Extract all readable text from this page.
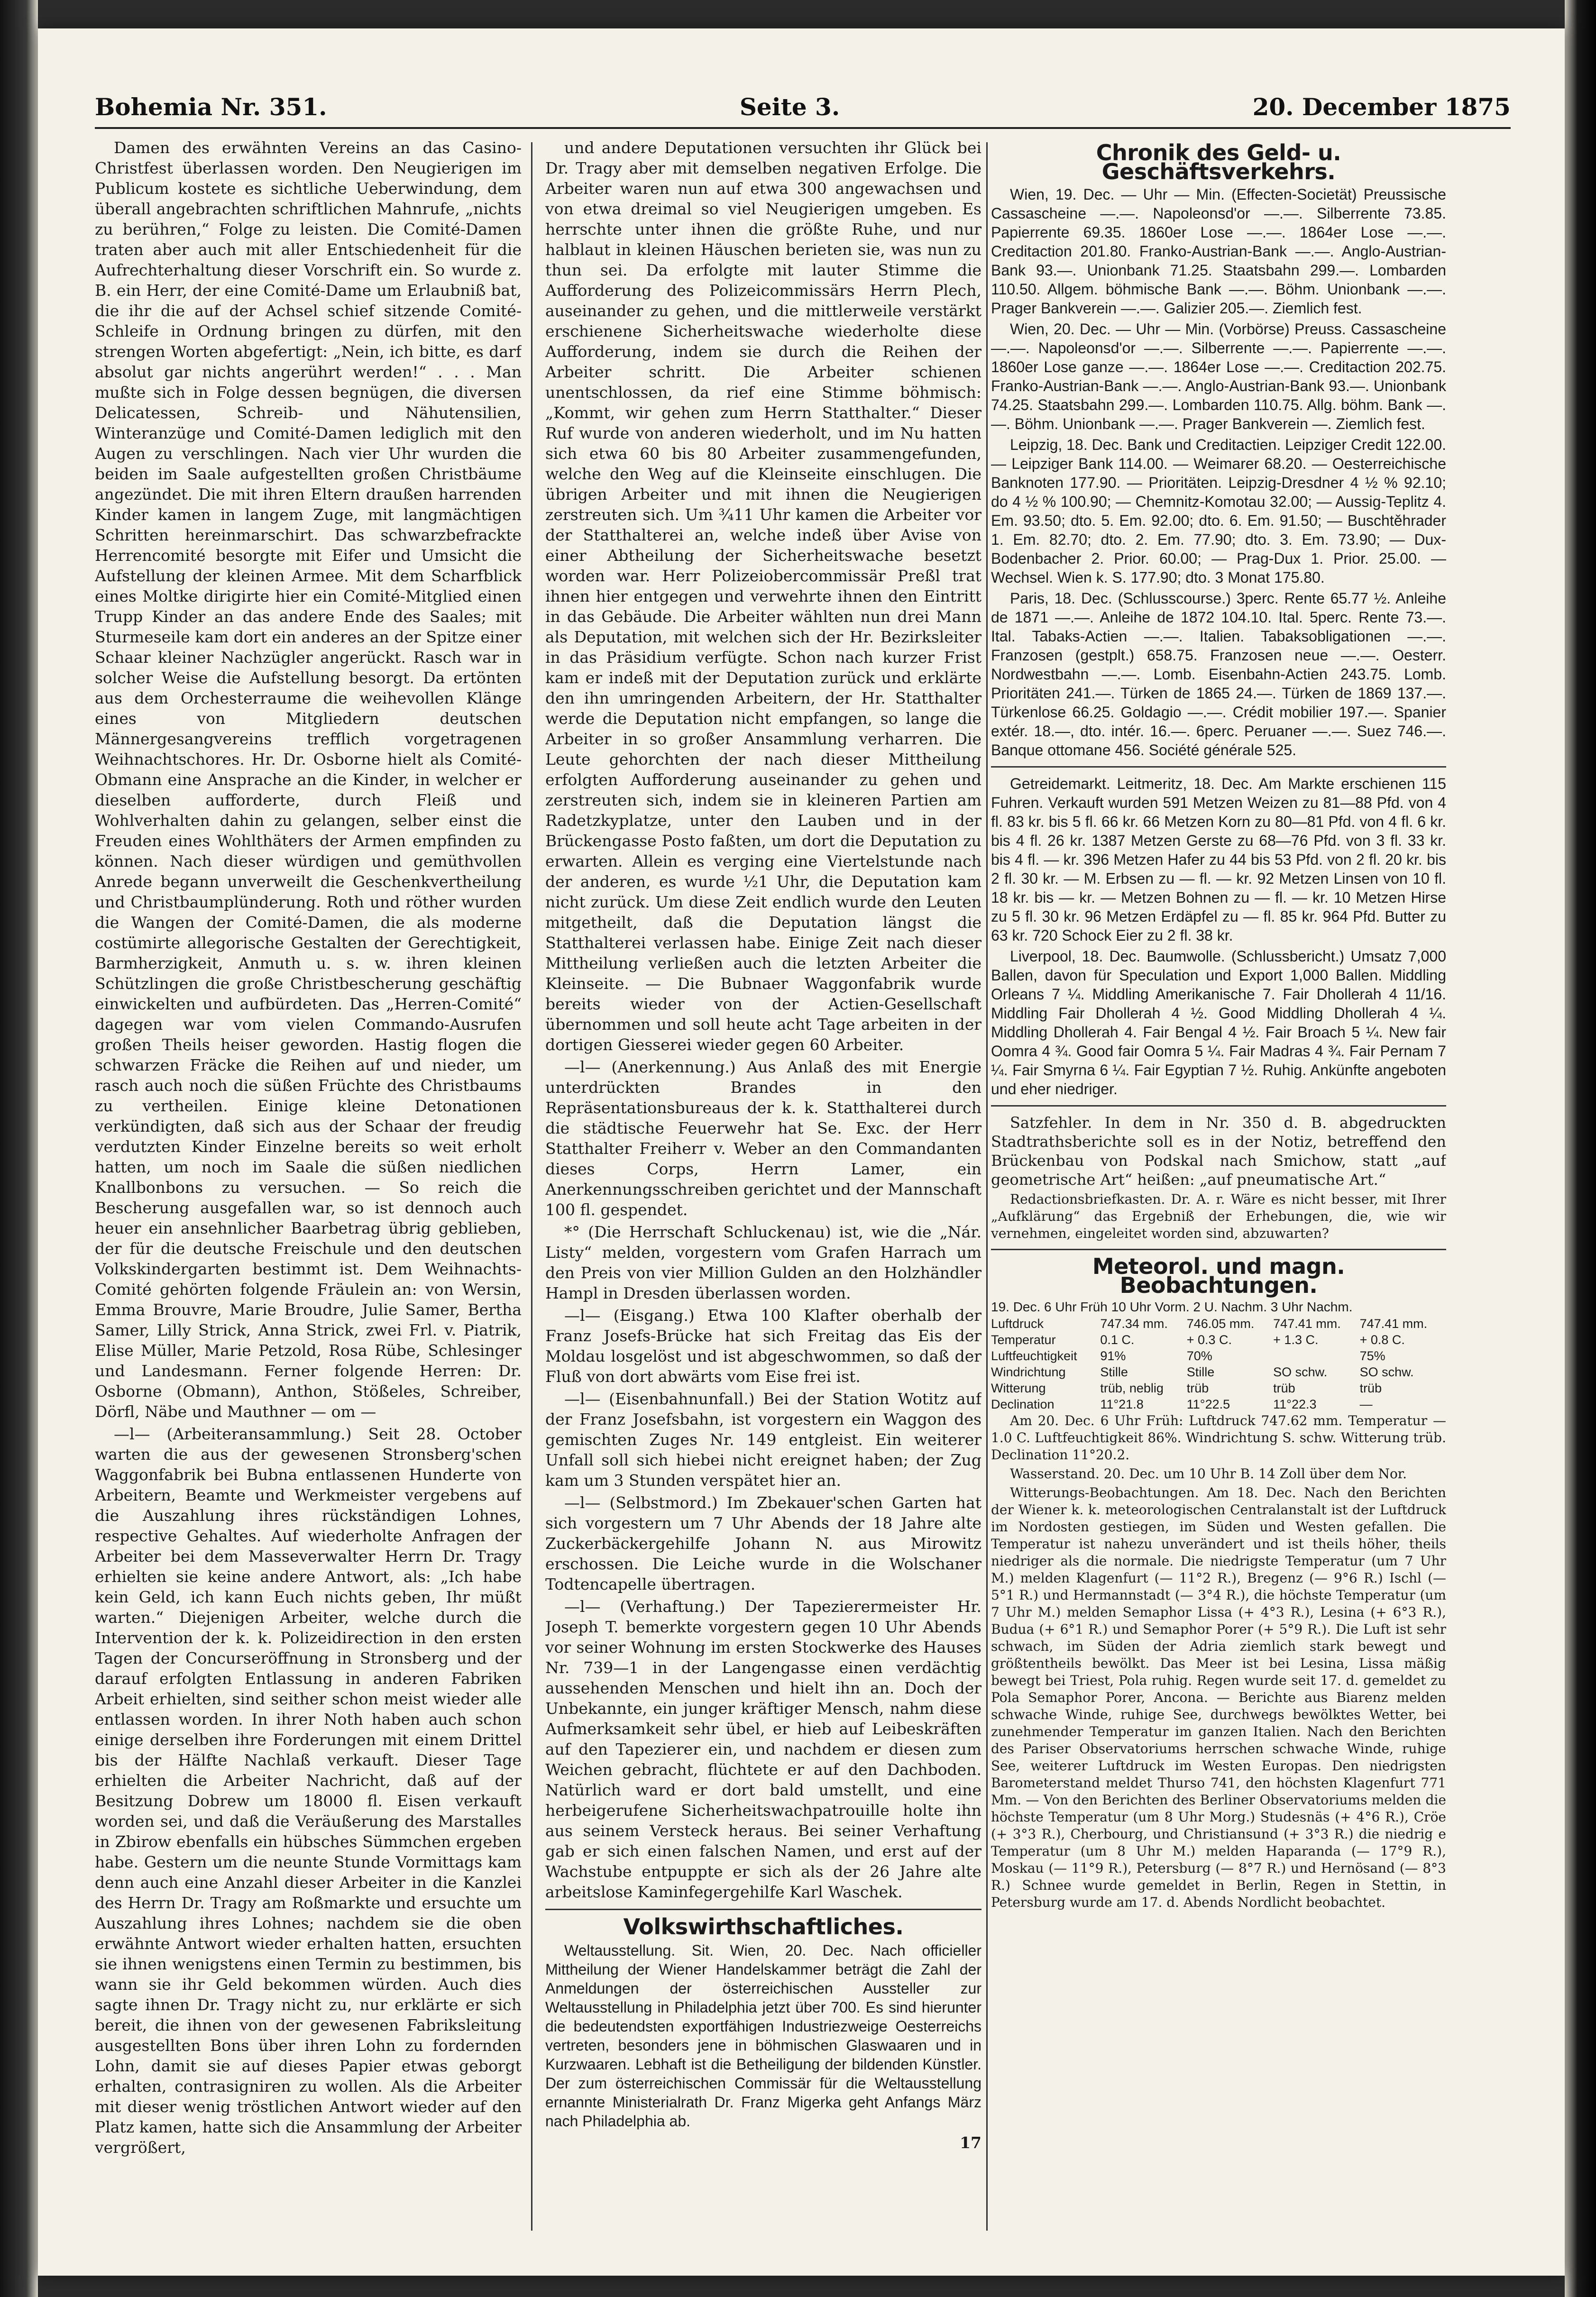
Bohemia Nr. 351.	Seite 3.	20. December 1875

Damen des erwähnten Vereins an das Casino-Christfest überlassen worden. Den Neugierigen im Publicum kostete es sichtliche Ueberwindung, dem überall angebrachten schriftlichen Mahnrufe, „nichts zu berühren,“ Folge zu leisten. Die Comité-Damen traten aber auch mit aller Entschiedenheit für die Aufrechterhaltung dieser Vorschrift ein. So wurde z. B. ein Herr, der eine Comité-Dame um Erlaubniß bat, die ihr die auf der Achsel schief sitzende Comité-Schleife in Ordnung bringen zu dürfen, mit den strengen Worten abgefertigt: „Nein, ich bitte, es darf absolut gar nichts angerührt werden!“ . . . Man mußte sich in Folge dessen begnügen, die diversen Delicatessen, Schreib- und Nähutensilien, Winteranzüge und Comité-Damen lediglich mit den Augen zu verschlingen. Nach vier Uhr wurden die beiden im Saale aufgestellten großen Christbäume angezündet. Die mit ihren Eltern draußen harrenden Kinder kamen in langem Zuge, mit langmächtigen Schritten hereinmarschirt. Das schwarzbefrackte Herrencomité besorgte mit Eifer und Umsicht die Aufstellung der kleinen Armee. Mit dem Scharfblick eines Moltke dirigirte hier ein Comité-Mitglied einen Trupp Kinder an das andere Ende des Saales; mit Sturmeseile kam dort ein anderes an der Spitze einer Schaar kleiner Nachzügler angerückt. Rasch war in solcher Weise die Aufstellung besorgt. Da ertönten aus dem Orchesterraume die weihevollen Klänge eines von Mitgliedern deutschen Männergesangvereins trefflich vorgetragenen Weihnachtschores. Hr. Dr. Osborne hielt als Comité-Obmann eine Ansprache an die Kinder, in welcher er dieselben aufforderte, durch Fleiß und Wohlverhalten dahin zu gelangen, selber einst die Freuden eines Wohlthäters der Armen empfinden zu können. Nach dieser würdigen und gemüthvollen Anrede begann unverweilt die Geschenkvertheilung und Christbaumplünderung. Roth und röther wurden die Wangen der Comité-Damen, die als moderne costümirte allegorische Gestalten der Gerechtigkeit, Barmherzigkeit, Anmuth u. s. w. ihren kleinen Schützlingen die große Christbescherung geschäftig einwickelten und aufbürdeten. Das „Herren-Comité“ dagegen war vom vielen Commando-Ausrufen großen Theils heiser geworden. Hastig flogen die schwarzen Fräcke die Reihen auf und nieder, um rasch auch noch die süßen Früchte des Christbaums zu vertheilen. Einige kleine Detonationen verkündigten, daß sich aus der Schaar der freudig verdutzten Kinder Einzelne bereits so weit erholt hatten, um noch im Saale die süßen niedlichen Knallbonbons zu versuchen. — So reich die Bescherung ausgefallen war, so ist dennoch auch heuer ein ansehnlicher Baarbetrag übrig geblieben, der für die deutsche Freischule und den deutschen Volkskindergarten bestimmt ist. Dem Weihnachts-Comité gehörten folgende Fräulein an: von Wersin, Emma Brouvre, Marie Broudre, Julie Samer, Bertha Samer, Lilly Strick, Anna Strick, zwei Frl. v. Piatrik, Elise Müller, Marie Petzold, Rosa Rübe, Schlesinger und Landesmann. Ferner folgende Herren: Dr. Osborne (Obmann), Anthon, Stößeles, Schreiber, Dörfl, Näbe und Mauthner — om —

—l— (Arbeiteransammlung.) Seit 28. October warten die aus der gewesenen Stronsberg'schen Waggonfabrik bei Bubna entlassenen Hunderte von Arbeitern, Beamte und Werkmeister vergebens auf die Auszahlung ihres rückständigen Lohnes, respective Gehaltes. Auf wiederholte Anfragen der Arbeiter bei dem Masseverwalter Herrn Dr. Tragy erhielten sie keine andere Antwort, als: „Ich habe kein Geld, ich kann Euch nichts geben, Ihr müßt warten.“ Diejenigen Arbeiter, welche durch die Intervention der k. k. Polizeidirection in den ersten Tagen der Concurseröffnung in Stronsberg und der darauf erfolgten Entlassung in anderen Fabriken Arbeit erhielten, sind seither schon meist wieder alle entlassen worden. In ihrer Noth haben auch schon einige derselben ihre Forderungen mit einem Drittel bis der Hälfte Nachlaß verkauft. Dieser Tage erhielten die Arbeiter Nachricht, daß auf der Besitzung Dobrew um 18000 fl. Eisen verkauft worden sei, und daß die Veräußerung des Marstalles in Zbirow ebenfalls ein hübsches Sümmchen ergeben habe. Gestern um die neunte Stunde Vormittags kam denn auch eine Anzahl dieser Arbeiter in die Kanzlei des Herrn Dr. Tragy am Roßmarkte und ersuchte um Auszahlung ihres Lohnes; nachdem sie die oben erwähnte Antwort wieder erhalten hatten, ersuchten sie ihnen wenigstens einen Termin zu bestimmen, bis wann sie ihr Geld bekommen würden. Auch dies sagte ihnen Dr. Tragy nicht zu, nur erklärte er sich bereit, die ihnen von der gewesenen Fabriksleitung ausgestellten Bons über ihren Lohn zu fordernden Lohn, damit sie auf dieses Papier etwas geborgt erhalten, contrasigniren zu wollen. Als die Arbeiter mit dieser wenig tröstlichen Antwort wieder auf den Platz kamen, hatte sich die Ansammlung der Arbeiter vergrößert,

und andere Deputationen versuchten ihr Glück bei Dr. Tragy aber mit demselben negativen Erfolge. Die Arbeiter waren nun auf etwa 300 angewachsen und von etwa dreimal so viel Neugierigen umgeben. Es herrschte unter ihnen die größte Ruhe, und nur halblaut in kleinen Häuschen berieten sie, was nun zu thun sei. Da erfolgte mit lauter Stimme die Aufforderung des Polizeicommissärs Herrn Plech, auseinander zu gehen, und die mittlerweile verstärkt erschienene Sicherheitswache wiederholte diese Aufforderung, indem sie durch die Reihen der Arbeiter schritt. Die Arbeiter schienen unentschlossen, da rief eine Stimme böhmisch: „Kommt, wir gehen zum Herrn Statthalter.“ Dieser Ruf wurde von anderen wiederholt, und im Nu hatten sich etwa 60 bis 80 Arbeiter zusammengefunden, welche den Weg auf die Kleinseite einschlugen. Die übrigen Arbeiter und mit ihnen die Neugierigen zerstreuten sich. Um ¾11 Uhr kamen die Arbeiter vor der Statthalterei an, welche indeß über Avise von einer Abtheilung der Sicherheitswache besetzt worden war. Herr Polizeiobercommissär Preßl trat ihnen hier entgegen und verwehrte ihnen den Eintritt in das Gebäude. Die Arbeiter wählten nun drei Mann als Deputation, mit welchen sich der Hr. Bezirksleiter in das Präsidium verfügte. Schon nach kurzer Frist kam er indeß mit der Deputation zurück und erklärte den ihn umringenden Arbeitern, der Hr. Statthalter werde die Deputation nicht empfangen, so lange die Arbeiter in so großer Ansammlung verharren. Die Leute gehorchten der nach dieser Mittheilung erfolgten Aufforderung auseinander zu gehen und zerstreuten sich, indem sie in kleineren Partien am Radetzkyplatze, unter den Lauben und in der Brückengasse Posto faßten, um dort die Deputation zu erwarten. Allein es verging eine Viertelstunde nach der anderen, es wurde ½1 Uhr, die Deputation kam nicht zurück. Um diese Zeit endlich wurde den Leuten mitgetheilt, daß die Deputation längst die Statthalterei verlassen habe. Einige Zeit nach dieser Mittheilung verließen auch die letzten Arbeiter die Kleinseite. — Die Bubnaer Waggonfabrik wurde bereits wieder von der Actien-Gesellschaft übernommen und soll heute acht Tage arbeiten in der dortigen Giesserei wieder gegen 60 Arbeiter.

—l— (Anerkennung.) Aus Anlaß des mit Energie unterdrückten Brandes in den Repräsentationsbureaus der k. k. Statthalterei durch die städtische Feuerwehr hat Se. Exc. der Herr Statthalter Freiherr v. Weber an den Commandanten dieses Corps, Herrn Lamer, ein Anerkennungsschreiben gerichtet und der Mannschaft 100 fl. gespendet.

*° (Die Herrschaft Schluckenau) ist, wie die „Nár. Listy“ melden, vorgestern vom Grafen Harrach um den Preis von vier Million Gulden an den Holzhändler Hampl in Dresden überlassen worden.

—l— (Eisgang.) Etwa 100 Klafter oberhalb der Franz Josefs-Brücke hat sich Freitag das Eis der Moldau losgelöst und ist abgeschwommen, so daß der Fluß von dort abwärts vom Eise frei ist.

—l— (Eisenbahnunfall.) Bei der Station Wotitz auf der Franz Josefsbahn, ist vorgestern ein Waggon des gemischten Zuges Nr. 149 entgleist. Ein weiterer Unfall soll sich hiebei nicht ereignet haben; der Zug kam um 3 Stunden verspätet hier an.

—l— (Selbstmord.) Im Zbekauer'schen Garten hat sich vorgestern um 7 Uhr Abends der 18 Jahre alte Zuckerbäckergehilfe Johann N. aus Mirowitz erschossen. Die Leiche wurde in die Wolschaner Todtencapelle übertragen.

—l— (Verhaftung.) Der Tapezierermeister Hr. Joseph T. bemerkte vorgestern gegen 10 Uhr Abends vor seiner Wohnung im ersten Stockwerke des Hauses Nr. 739—1 in der Langengasse einen verdächtig aussehenden Menschen und hielt ihn an. Doch der Unbekannte, ein junger kräftiger Mensch, nahm diese Aufmerksamkeit sehr übel, er hieb auf Leibeskräften auf den Tapezierer ein, und nachdem er diesen zum Weichen gebracht, flüchtete er auf den Dachboden. Natürlich ward er dort bald umstellt, und eine herbeigerufene Sicherheitswachpatrouille holte ihn aus seinem Versteck heraus. Bei seiner Verhaftung gab er sich einen falschen Namen, und erst auf der Wachstube entpuppte er sich als der 26 Jahre alte arbeitslose Kaminfegergehilfe Karl Waschek.

Volkswirthschaftliches.

Weltausstellung. Sit. Wien, 20. Dec. Nach officieller Mittheilung der Wiener Handelskammer beträgt die Zahl der Anmeldungen der österreichischen Aussteller zur Weltausstellung in Philadelphia jetzt über 700. Es sind hierunter die bedeutendsten exportfähigen Industriezweige Oesterreichs vertreten, besonders jene in böhmischen Glaswaaren und in Kurzwaaren. Lebhaft ist die Betheiligung der bildenden Künstler. Der zum österreichischen Commissär für die Weltausstellung ernannte Ministerialrath Dr. Franz Migerka geht Anfangs März nach Philadelphia ab.

17
Chronik des Geld- u. Geschäftsverkehrs.

Wien, 19. Dec. — Uhr — Min. (Effecten-Societät) Preussische Cassascheine —.—. Napoleonsd'or —.—. Silberrente 73.85. Papierrente 69.35. 1860er Lose —.—. 1864er Lose —.—. Creditaction 201.80. Franko-Austrian-Bank —.—. Anglo-Austrian-Bank 93.—. Unionbank 71.25. Staatsbahn 299.—. Lombarden 110.50. Allgem. böhmische Bank —.—. Böhm. Unionbank —.—. Prager Bankverein —.—. Galizier 205.—. Ziemlich fest.

Wien, 20. Dec. — Uhr — Min. (Vorbörse) Preuss. Cassascheine —.—. Napoleonsd'or —.—. Silberrente —.—. Papierrente —.—. 1860er Lose ganze —.—. 1864er Lose —.—. Creditaction 202.75. Franko-Austrian-Bank —.—. Anglo-Austrian-Bank 93.—. Unionbank 74.25. Staatsbahn 299.—. Lombarden 110.75. Allg. böhm. Bank —.—. Böhm. Unionbank —.—. Prager Bankverein —. Ziemlich fest.

Leipzig, 18. Dec. Bank und Creditactien. Leipziger Credit 122.00. — Leipziger Bank 114.00. — Weimarer 68.20. — Oesterreichische Banknoten 177.90. — Prioritäten. Leipzig-Dresdner 4 ½ % 92.10; do 4 ½ % 100.90; — Chemnitz-Komotau 32.00; — Aussig-Teplitz 4. Em. 93.50; dto. 5. Em. 92.00; dto. 6. Em. 91.50; — Buschtěhrader 1. Em. 82.70; dto. 2. Em. 77.90; dto. 3. Em. 73.90; — Dux-Bodenbacher 2. Prior. 60.00; — Prag-Dux 1. Prior. 25.00. — Wechsel. Wien k. S. 177.90; dto. 3 Monat 175.80.

Paris, 18. Dec. (Schlusscourse.) 3perc. Rente 65.77 ½. Anleihe de 1871 —.—. Anleihe de 1872 104.10. Ital. 5perc. Rente 73.—. Ital. Tabaks-Actien —.—. Italien. Tabaksobligationen —.—. Franzosen (gestplt.) 658.75. Franzosen neue —.—. Oesterr. Nordwestbahn —.—. Lomb. Eisenbahn-Actien 243.75. Lomb. Prioritäten 241.—. Türken de 1865 24.—. Türken de 1869 137.—. Türkenlose 66.25. Goldagio —.—. Crédit mobilier 197.—. Spanier extér. 18.—, dto. intér. 16.—. 6perc. Peruaner —.—. Suez 746.—. Banque ottomane 456. Société générale 525.

Getreidemarkt. Leitmeritz, 18. Dec. Am Markte erschienen 115 Fuhren. Verkauft wurden 591 Metzen Weizen zu 81—88 Pfd. von 4 fl. 83 kr. bis 5 fl. 66 kr. 66 Metzen Korn zu 80—81 Pfd. von 4 fl. 6 kr. bis 4 fl. 26 kr. 1387 Metzen Gerste zu 68—76 Pfd. von 3 fl. 33 kr. bis 4 fl. — kr. 396 Metzen Hafer zu 44 bis 53 Pfd. von 2 fl. 20 kr. bis 2 fl. 30 kr. — M. Erbsen zu — fl. — kr. 92 Metzen Linsen von 10 fl. 18 kr. bis — kr. — Metzen Bohnen zu — fl. — kr. 10 Metzen Hirse zu 5 fl. 30 kr. 96 Metzen Erdäpfel zu — fl. 85 kr. 964 Pfd. Butter zu 63 kr. 720 Schock Eier zu 2 fl. 38 kr.

Liverpool, 18. Dec. Baumwolle. (Schlussbericht.) Umsatz 7,000 Ballen, davon für Speculation und Export 1,000 Ballen. Middling Orleans 7 ¼. Middling Amerikanische 7. Fair Dhollerah 4 11/16. Middling Fair Dhollerah 4 ½. Good Middling Dhollerah 4 ¼. Middling Dhollerah 4. Fair Bengal 4 ½. Fair Broach 5 ¼. New fair Oomra 4 ¾. Good fair Oomra 5 ¼. Fair Madras 4 ¾. Fair Pernam 7 ¼. Fair Smyrna 6 ¼. Fair Egyptian 7 ½. Ruhig. Ankünfte angeboten und eher niedriger.

Satzfehler. In dem in Nr. 350 d. B. abgedruckten Stadtrathsberichte soll es in der Notiz, betreffend den Brückenbau von Podskal nach Smichow, statt „auf geometrische Art“ heißen: „auf pneumatische Art.“

Redactionsbriefkasten. Dr. A. r. Wäre es nicht besser, mit Ihrer „Aufklärung“ das Ergebniß der Erhebungen, die, wie wir vernehmen, eingeleitet worden sind, abzuwarten?

Meteorol. und magn. Beobachtungen.
19. Dec. 6 Uhr Früh 10 Uhr Vorm. 2 U. Nachm. 3 Uhr Nachm.
Luftdruck	747.34 mm.	746.05 mm.	747.41 mm.	747.41 mm.
Temperatur	0.1 C.	+ 0.3 C.	+ 1.3 C.	+ 0.8 C.
Luftfeuchtigkeit	91%	70%		75%
Windrichtung	Stille	Stille	SO schw.	SO schw.
Witterung	trüb, neblig	trüb	trüb	trüb
Declination	11°21.8	11°22.5	11°22.3	—

Am 20. Dec. 6 Uhr Früh: Luftdruck 747.62 mm. Temperatur — 1.0 C. Luftfeuchtigkeit 86%. Windrichtung S. schw. Witterung trüb. Declination 11°20.2.

Wasserstand. 20. Dec. um 10 Uhr B. 14 Zoll über dem Nor.

Witterungs-Beobachtungen. Am 18. Dec. Nach den Berichten der Wiener k. k. meteorologischen Centralanstalt ist der Luftdruck im Nordosten gestiegen, im Süden und Westen gefallen. Die Temperatur ist nahezu unverändert und ist theils höher, theils niedriger als die normale. Die niedrigste Temperatur (um 7 Uhr M.) melden Klagenfurt (— 11°2 R.), Bregenz (— 9°6 R.) Ischl (— 5°1 R.) und Hermannstadt (— 3°4 R.), die höchste Temperatur (um 7 Uhr M.) melden Semaphor Lissa (+ 4°3 R.), Lesina (+ 6°3 R.), Budua (+ 6°1 R.) und Semaphor Porer (+ 5°9 R.). Die Luft ist sehr schwach, im Süden der Adria ziemlich stark bewegt und größtentheils bewölkt. Das Meer ist bei Lesina, Lissa mäßig bewegt bei Triest, Pola ruhig. Regen wurde seit 17. d. gemeldet zu Pola Semaphor Porer, Ancona. — Berichte aus Biarenz melden schwache Winde, ruhige See, durchwegs bewölktes Wetter, bei zunehmender Temperatur im ganzen Italien. Nach den Berichten des Pariser Observatoriums herrschen schwache Winde, ruhige See, weiterer Luftdruck im Westen Europas. Den niedrigsten Barometerstand meldet Thurso 741, den höchsten Klagenfurt 771 Mm. — Von den Berichten des Berliner Observatoriums melden die höchste Temperatur (um 8 Uhr Morg.) Studesnäs (+ 4°6 R.), Cröe (+ 3°3 R.), Cherbourg, und Christiansund (+ 3°3 R.) die niedrig e Temperatur (um 8 Uhr M.) melden Haparanda (— 17°9 R.), Moskau (— 11°9 R.), Petersburg (— 8°7 R.) und Hernösand (— 8°3 R.) Schnee wurde gemeldet in Berlin, Regen in Stettin, in Petersburg wurde am 17. d. Abends Nordlicht beobachtet.
